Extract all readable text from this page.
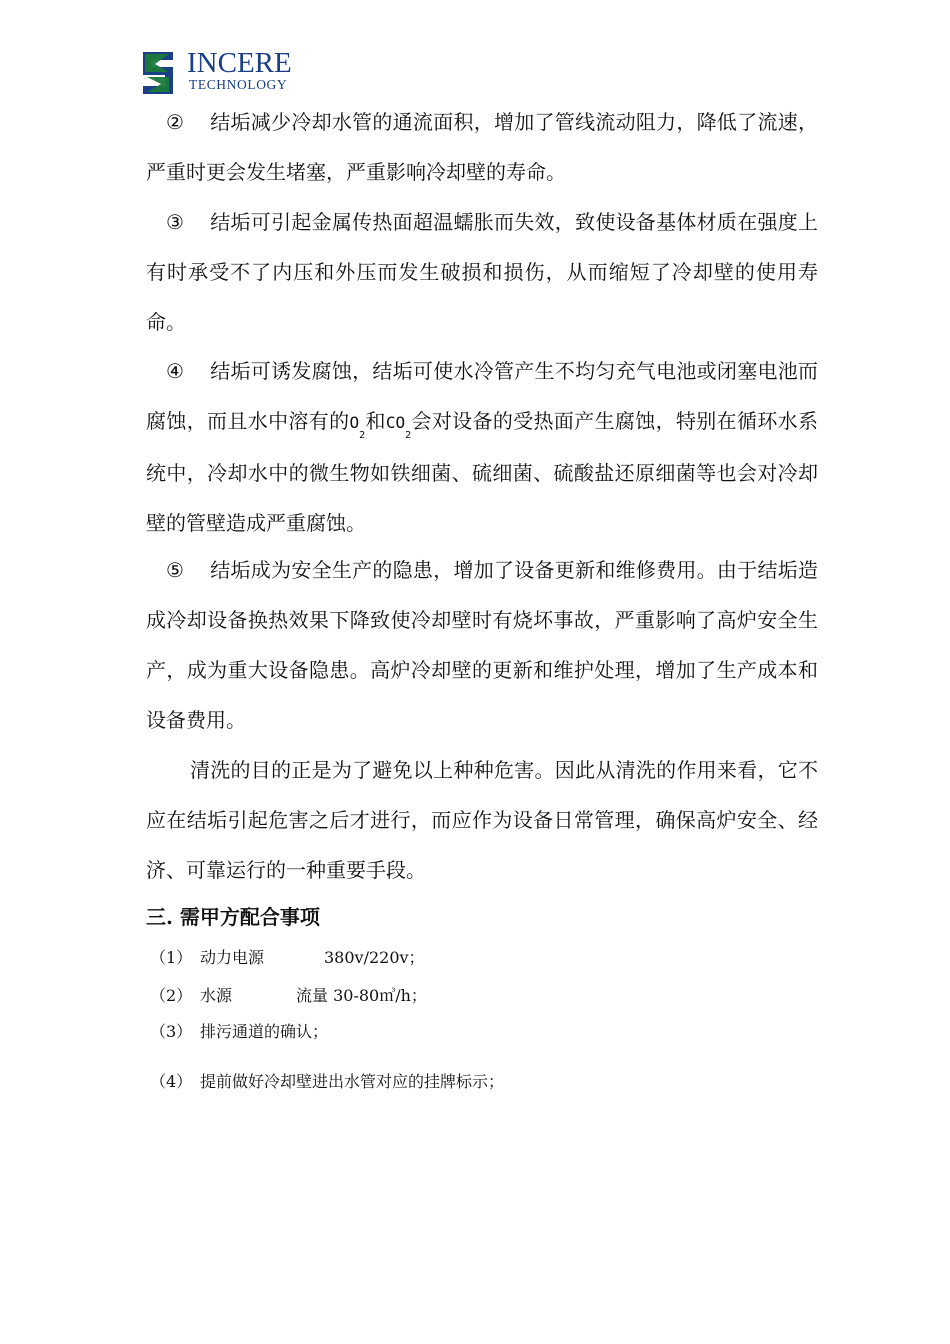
INCERE
TECHNOLOGY

② 结垢减少冷却水管的通流面积，增加了管线流动阻力，降低了流速，严重时更会发生堵塞，严重影响冷却壁的寿命。

③ 结垢可引起金属传热面超温蠕胀而失效，致使设备基体材质在强度上有时承受不了内压和外压而发生破损和损伤，从而缩短了冷却壁的使用寿命。

④ 结垢可诱发腐蚀，结垢可使水冷管产生不均匀充气电池或闭塞电池而腐蚀，而且水中溶有的$O_2$和$CO_2$会对设备的受热面产生腐蚀，特别在循环水系统中，冷却水中的微生物如铁细菌、硫细菌、硫酸盐还原细菌等也会对冷却壁的管壁造成严重腐蚀。

⑤ 结垢成为安全生产的隐患，增加了设备更新和维修费用。由于结垢造成冷却设备换热效果下降致使冷却壁时有烧坏事故，严重影响了高炉安全生产，成为重大设备隐患。高炉冷却壁的更新和维护处理，增加了生产成本和设备费用。

清洗的目的正是为了避免以上种种危害。因此从清洗的作用来看，它不应在结垢引起危害之后才进行，而应作为设备日常管理，确保高炉安全、经济、可靠运行的一种重要手段。

三. 需甲方配合事项

（1） 动力电源	380v/220v；

（2） 水源	流量 30-80㎥/h；

（3） 排污通道的确认；

（4） 提前做好冷却壁进出水管对应的挂牌标示；
